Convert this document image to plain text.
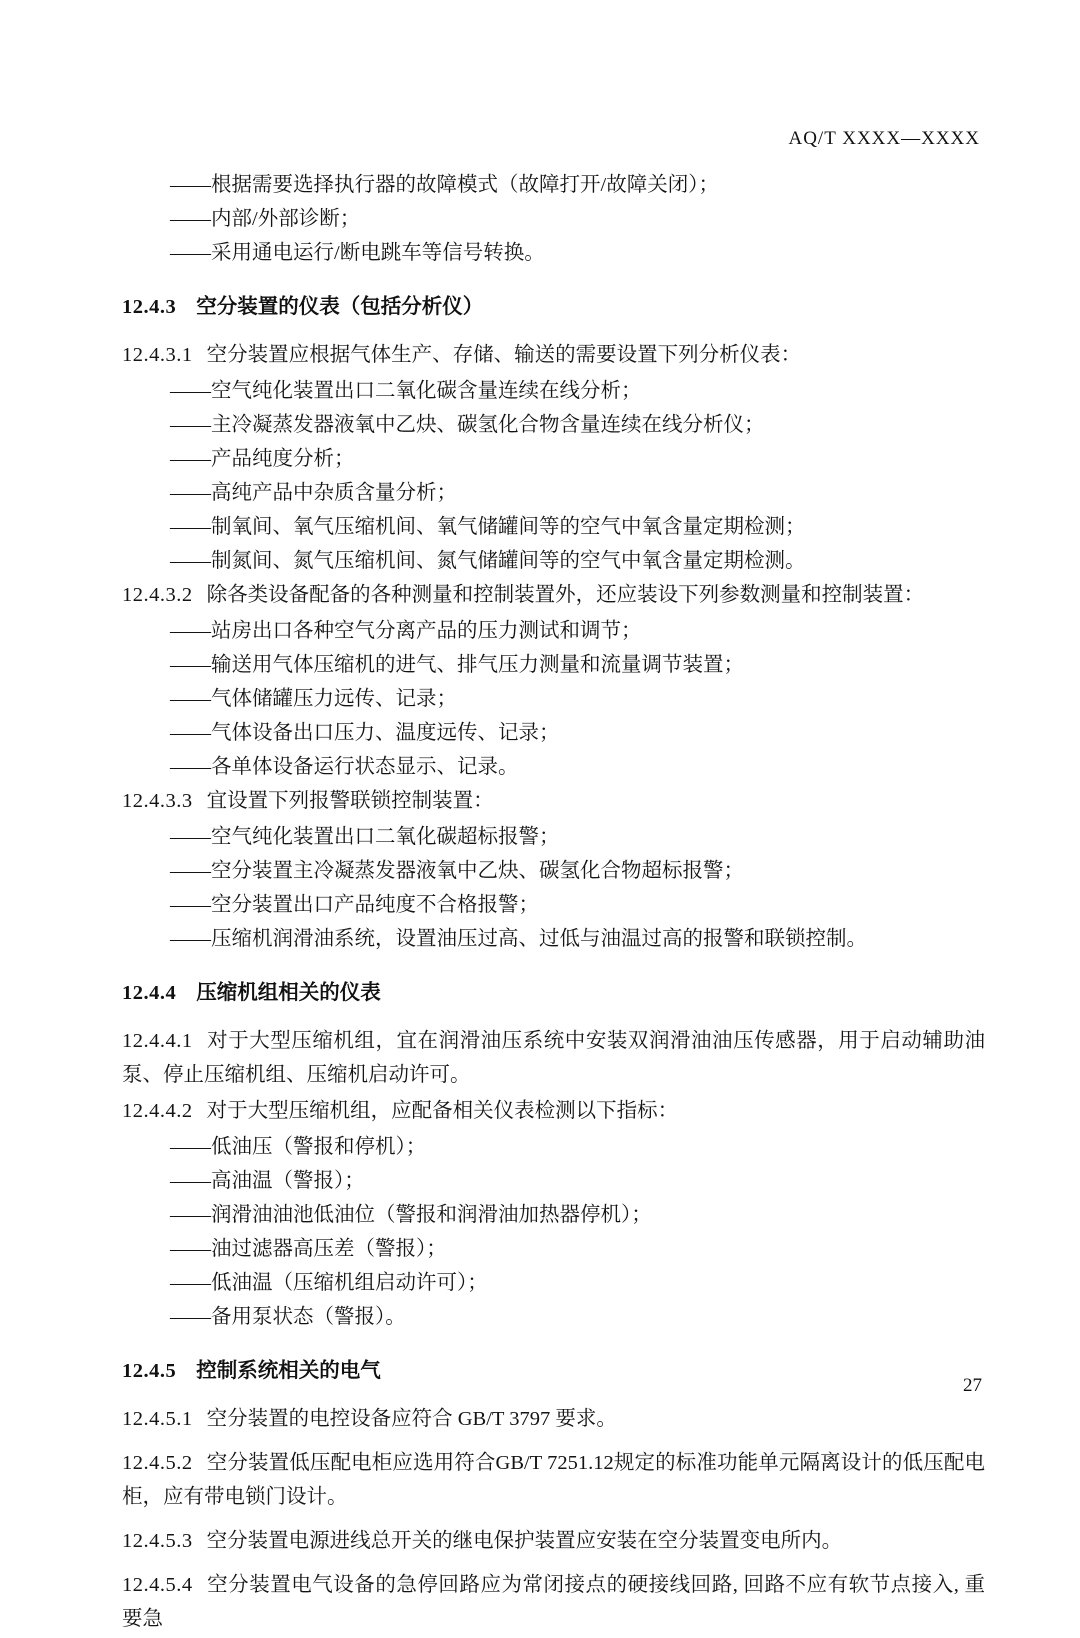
AQ/T XXXX—XXXX

——根据需要选择执行器的故障模式（故障打开/故障关闭）；

——内部/外部诊断；

——采用通电运行/断电跳车等信号转换。

12.4.3 空分装置的仪表（包括分析仪）

12.4.3.1 空分装置应根据气体生产、存储、输送的需要设置下列分析仪表：

——空气纯化装置出口二氧化碳含量连续在线分析；

——主冷凝蒸发器液氧中乙炔、碳氢化合物含量连续在线分析仪；

——产品纯度分析；

——高纯产品中杂质含量分析；

——制氧间、氧气压缩机间、氧气储罐间等的空气中氧含量定期检测；

——制氮间、氮气压缩机间、氮气储罐间等的空气中氧含量定期检测。

12.4.3.2 除各类设备配备的各种测量和控制装置外，还应装设下列参数测量和控制装置：

——站房出口各种空气分离产品的压力测试和调节；

——输送用气体压缩机的进气、排气压力测量和流量调节装置；

——气体储罐压力远传、记录；

——气体设备出口压力、温度远传、记录；

——各单体设备运行状态显示、记录。

12.4.3.3 宜设置下列报警联锁控制装置：

——空气纯化装置出口二氧化碳超标报警；

——空分装置主冷凝蒸发器液氧中乙炔、碳氢化合物超标报警；

——空分装置出口产品纯度不合格报警；

——压缩机润滑油系统，设置油压过高、过低与油温过高的报警和联锁控制。

12.4.4 压缩机组相关的仪表

12.4.4.1 对于大型压缩机组，宜在润滑油压系统中安装双润滑油油压传感器，用于启动辅助油泵、停止压缩机组、压缩机启动许可。

12.4.4.2 对于大型压缩机组，应配备相关仪表检测以下指标：

——低油压（警报和停机）；

——高油温（警报）；

——润滑油油池低油位（警报和润滑油加热器停机）；

——油过滤器高压差（警报）；

——低油温（压缩机组启动许可）；

——备用泵状态（警报）。

12.4.5 控制系统相关的电气

12.4.5.1 空分装置的电控设备应符合 GB/T 3797 要求。

12.4.5.2 空分装置低压配电柜应选用符合GB/T 7251.12规定的标准功能单元隔离设计的低压配电柜，应有带电锁门设计。

12.4.5.3 空分装置电源进线总开关的继电保护装置应安装在空分装置变电所内。

12.4.5.4 空分装置电气设备的急停回路应为常闭接点的硬接线回路, 回路不应有软节点接入, 重要急

27
